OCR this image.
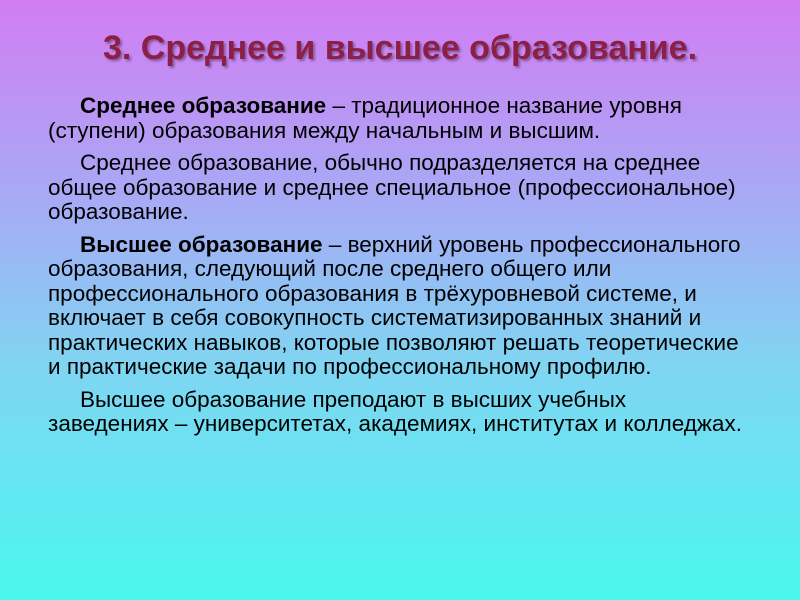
3. Среднее и высшее образование.

Среднее образование – традиционное название уровня (ступени) образования между начальным и высшим.

Среднее образование, обычно подразделяется на среднее общее образование и среднее специальное (профессиональное) образование.

Высшее образование – верхний уровень профессионального образования, следующий после среднего общего или профессионального образования в трёхуровневой системе, и включает в себя совокупность систематизированных знаний и практических навыков, которые позволяют решать теоретические и практические задачи по профессиональному профилю.

Высшее образование преподают в высших учебных заведениях – университетах, академиях, институтах и колледжах.
